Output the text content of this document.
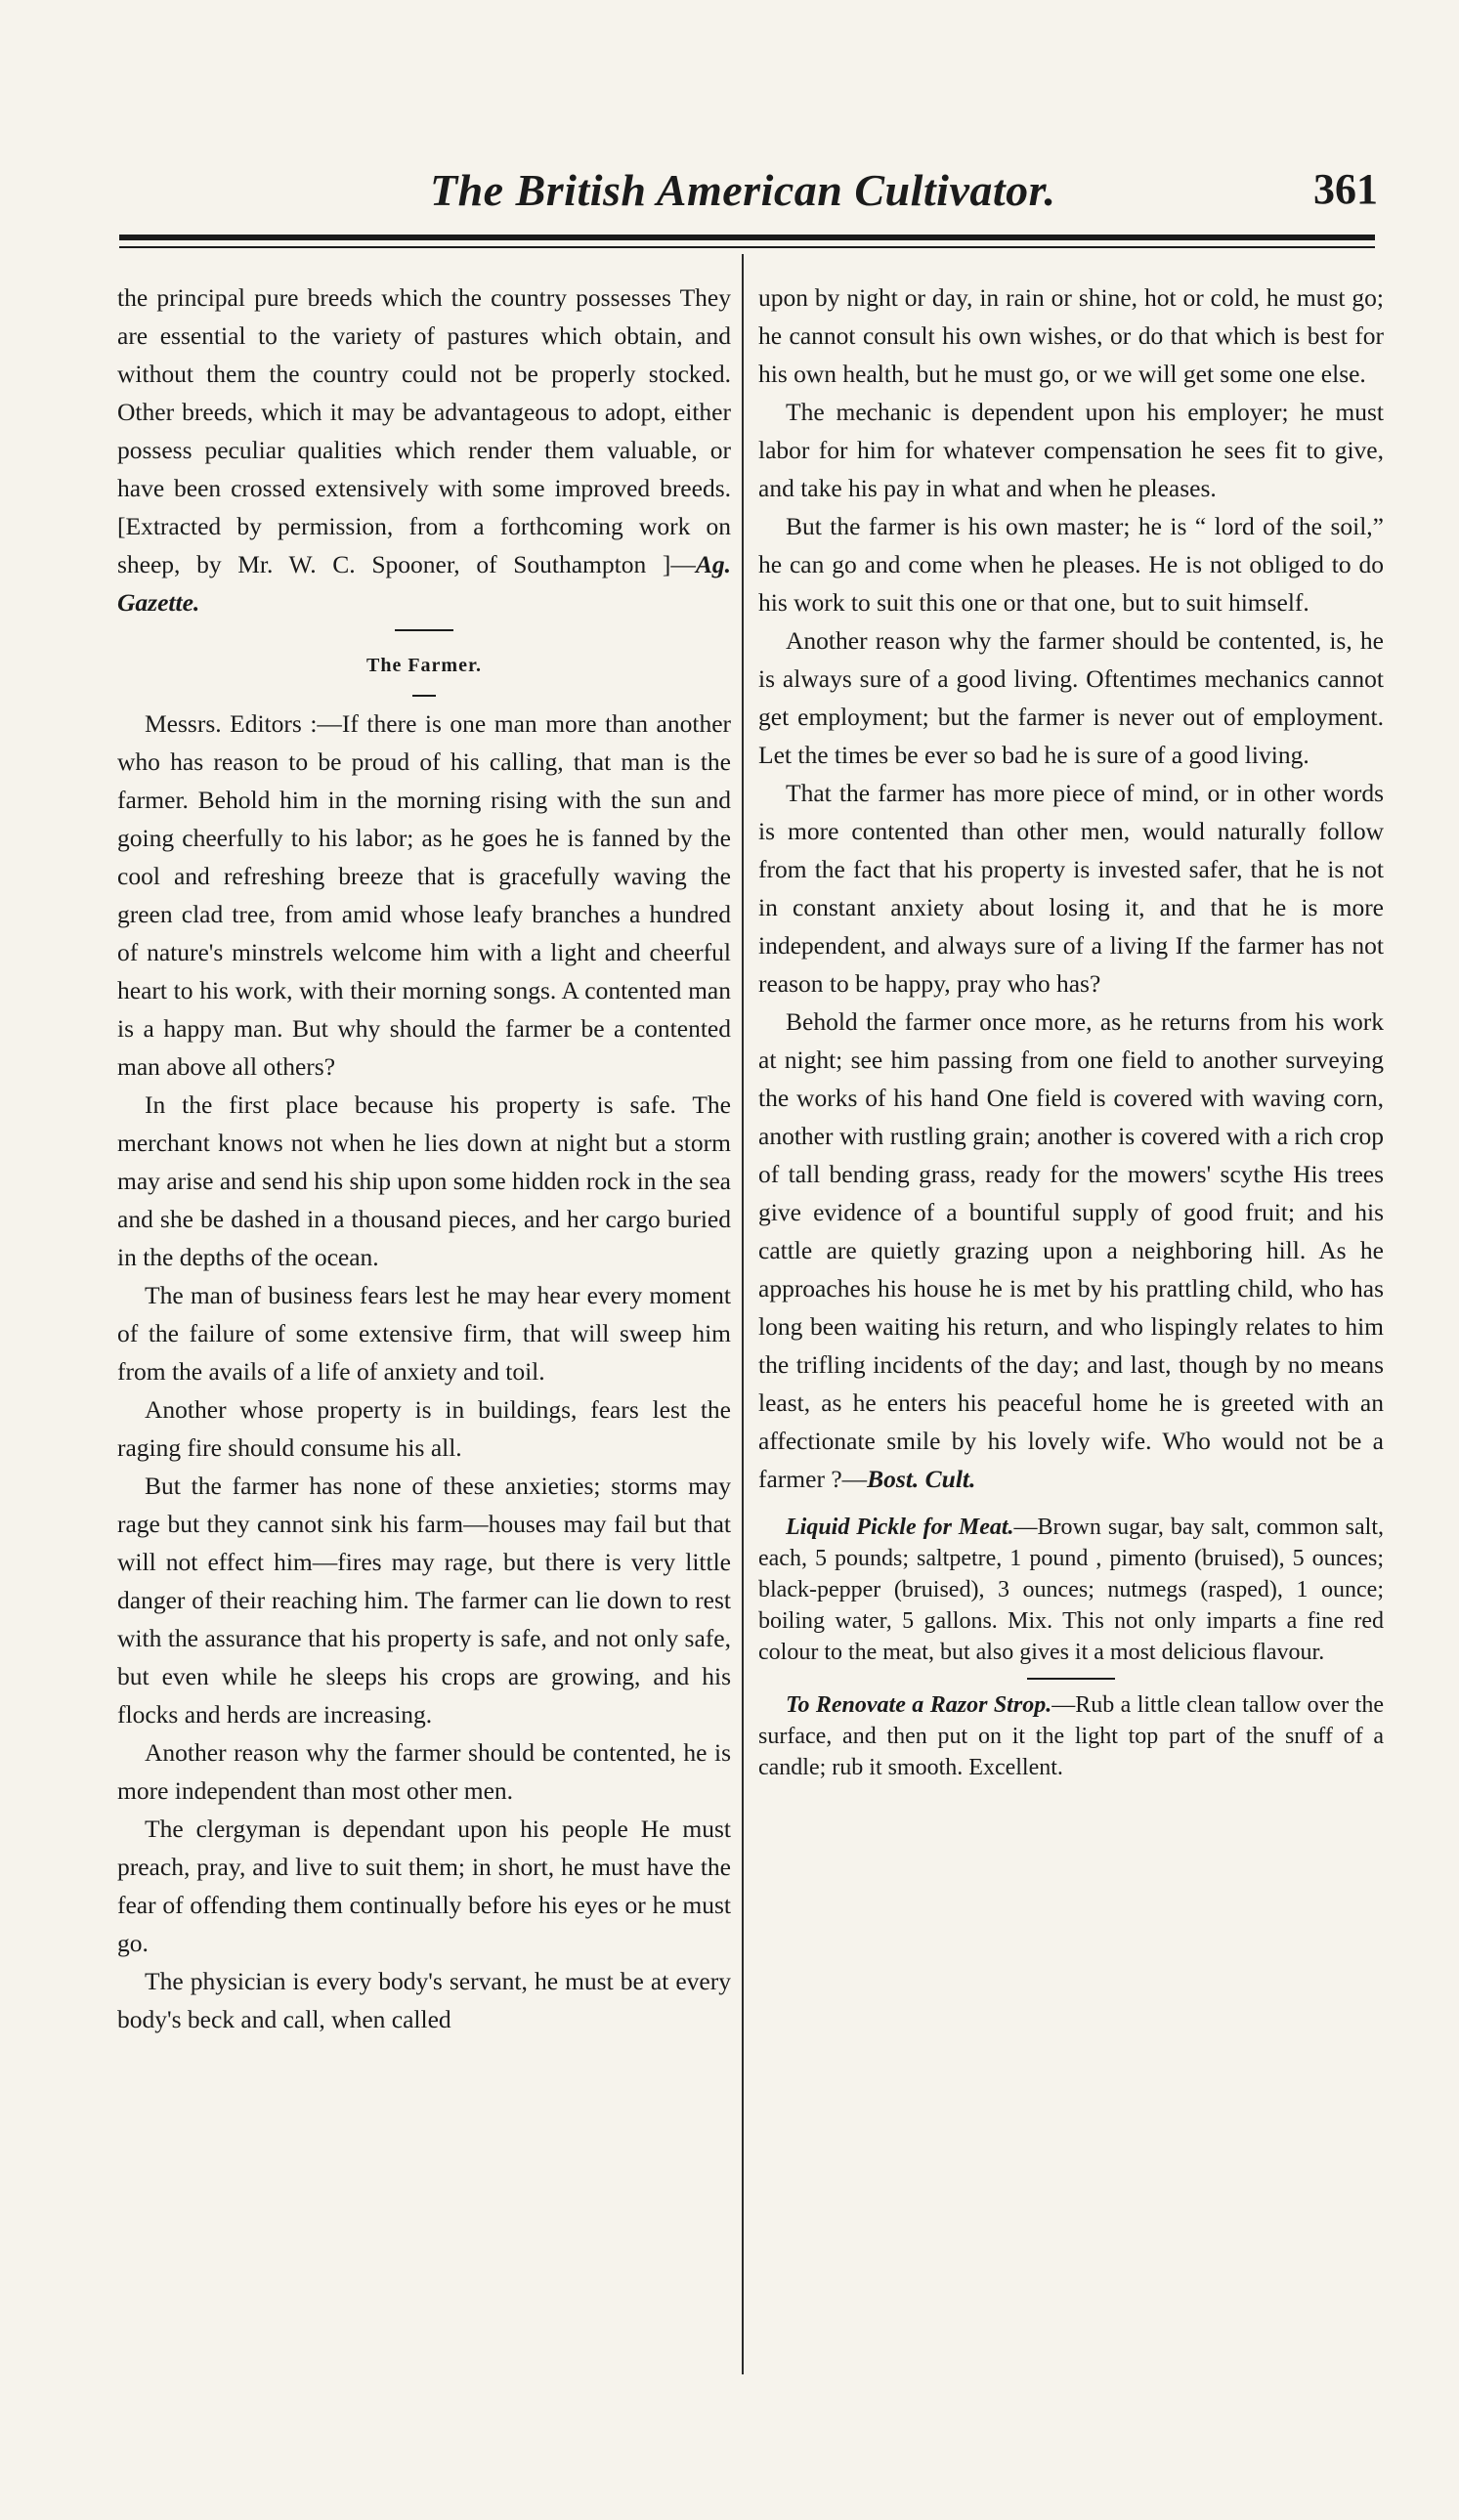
The British American Cultivator.	361

the principal pure breeds which the country possesses They are essential to the variety of pastures which obtain, and without them the country could not be properly stocked. Other breeds, which it may be advantageous to adopt, either possess peculiar qualities which render them valuable, or have been crossed extensively with some improved breeds. [Extracted by permission, from a forthcoming work on sheep, by Mr. W. C. Spooner, of Southampton ]—Ag. Gazette.

The Farmer.

Messrs. Editors :—If there is one man more than another who has reason to be proud of his calling, that man is the farmer. Behold him in the morning rising with the sun and going cheerfully to his labor; as he goes he is fanned by the cool and refreshing breeze that is gracefully waving the green clad tree, from amid whose leafy branches a hundred of nature's minstrels welcome him with a light and cheerful heart to his work, with their morning songs. A contented man is a happy man. But why should the farmer be a contented man above all others?

In the first place because his property is safe. The merchant knows not when he lies down at night but a storm may arise and send his ship upon some hidden rock in the sea and she be dashed in a thousand pieces, and her cargo buried in the depths of the ocean.

The man of business fears lest he may hear every moment of the failure of some extensive firm, that will sweep him from the avails of a life of anxiety and toil.

Another whose property is in buildings, fears lest the raging fire should consume his all.

But the farmer has none of these anxieties; storms may rage but they cannot sink his farm—houses may fail but that will not effect him—fires may rage, but there is very little danger of their reaching him. The farmer can lie down to rest with the assurance that his property is safe, and not only safe, but even while he sleeps his crops are growing, and his flocks and herds are increasing.

Another reason why the farmer should be contented, he is more independent than most other men.

The clergyman is dependant upon his people He must preach, pray, and live to suit them; in short, he must have the fear of offending them continually before his eyes or he must go.

The physician is every body's servant, he must be at every body's beck and call, when called

upon by night or day, in rain or shine, hot or cold, he must go; he cannot consult his own wishes, or do that which is best for his own health, but he must go, or we will get some one else.

The mechanic is dependent upon his employer; he must labor for him for whatever compensation he sees fit to give, and take his pay in what and when he pleases.

But the farmer is his own master; he is “ lord of the soil,” he can go and come when he pleases. He is not obliged to do his work to suit this one or that one, but to suit himself.

Another reason why the farmer should be contented, is, he is always sure of a good living. Oftentimes mechanics cannot get employment; but the farmer is never out of employment. Let the times be ever so bad he is sure of a good living.

That the farmer has more piece of mind, or in other words is more contented than other men, would naturally follow from the fact that his property is invested safer, that he is not in constant anxiety about losing it, and that he is more independent, and always sure of a living If the farmer has not reason to be happy, pray who has?

Behold the farmer once more, as he returns from his work at night; see him passing from one field to another surveying the works of his hand One field is covered with waving corn, another with rustling grain; another is covered with a rich crop of tall bending grass, ready for the mowers' scythe His trees give evidence of a bountiful supply of good fruit; and his cattle are quietly grazing upon a neighboring hill. As he approaches his house he is met by his prattling child, who has long been waiting his return, and who lispingly relates to him the trifling incidents of the day; and last, though by no means least, as he enters his peaceful home he is greeted with an affectionate smile by his lovely wife. Who would not be a farmer ?—Bost. Cult.

Liquid Pickle for Meat.—Brown sugar, bay salt, common salt, each, 5 pounds; saltpetre, 1 pound , pimento (bruised), 5 ounces; black-pepper (bruised), 3 ounces; nutmegs (rasped), 1 ounce; boiling water, 5 gallons. Mix. This not only imparts a fine red colour to the meat, but also gives it a most delicious flavour.

To Renovate a Razor Strop.—Rub a little clean tallow over the surface, and then put on it the light top part of the snuff of a candle; rub it smooth. Excellent.
